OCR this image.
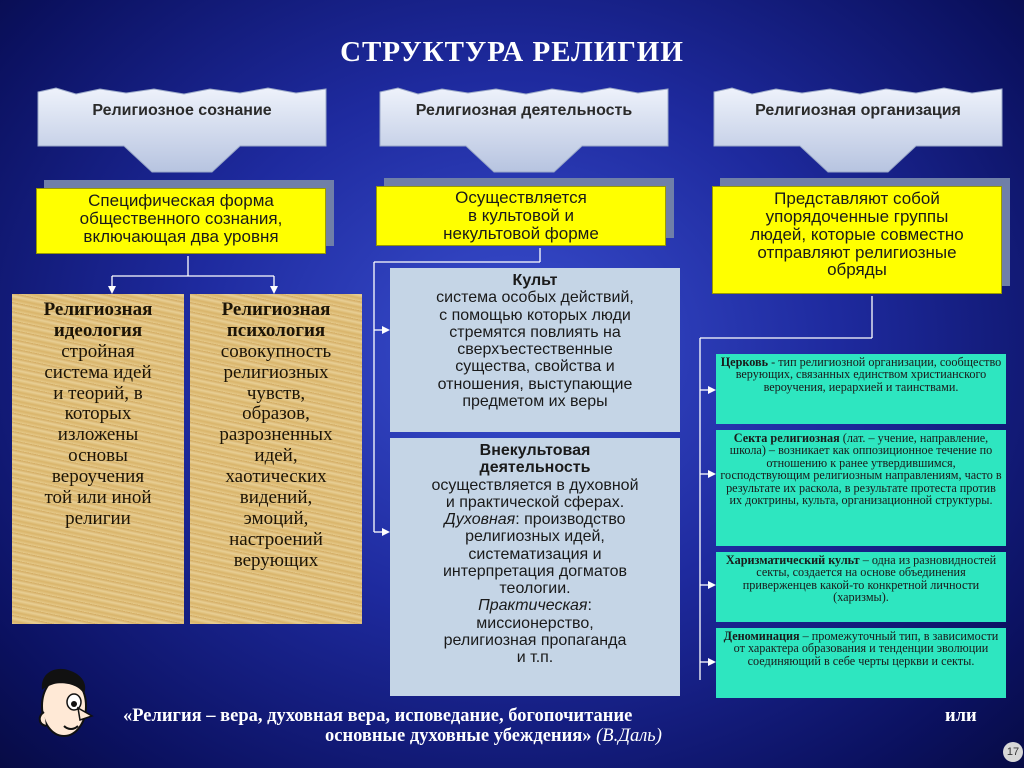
СТРУКТУРА РЕЛИГИИ
Религиозное сознание	Религиозная деятельность	Религиозная организация
Специфическая форма
общественного сознания,
включающая два уровня
Осуществляется
в культовой и
некультовой форме
Представляют собой
упорядоченные группы
людей, которые совместно
отправляют религиозные
обряды
Религиозная
идеология
стройная
система идей
и теорий, в
которых
изложены
основы
вероучения
той или иной
религии
Религиозная
психология
совокупность
религиозных
чувств,
образов,
разрозненных
идей,
хаотических
видений,
эмоций,
настроений
верующих
Культ
система особых действий,
с помощью которых люди
стремятся повлиять на
сверхъестественные
существа, свойства и
отношения, выступающие
предметом их веры
Внекультовая
деятельность
осуществляется в духовной
и практической сферах.
Духовная: производство
религиозных идей,
систематизация и
интерпретация догматов
теологии.
Практическая:
миссионерство,
религиозная пропаганда
и т.п.
Церковь - тип религиозной организации, сообщество верующих, связанных единством христианского вероучения, иерархией и таинствами.
Секта религиозная (лат. – учение, направление, школа) – возникает как оппозиционное течение по отношению к ранее утвердившимся, господствующим религиозным направлениям, часто в результате их раскола, в результате протеста против их доктрины, культа, организационной структуры.
Харизматический культ – одна из разновидностей секты, создается на основе объединения приверженцев какой-то конкретной личности (харизмы).
Деноминация – промежуточный тип, в зависимости от характера образования и тенденции эволюции соединяющий в себе черты церкви и секты.
«Религия – вера, духовная вера, исповедание, богопочитание	или
основные духовные убеждения» (В.Даль)
17
